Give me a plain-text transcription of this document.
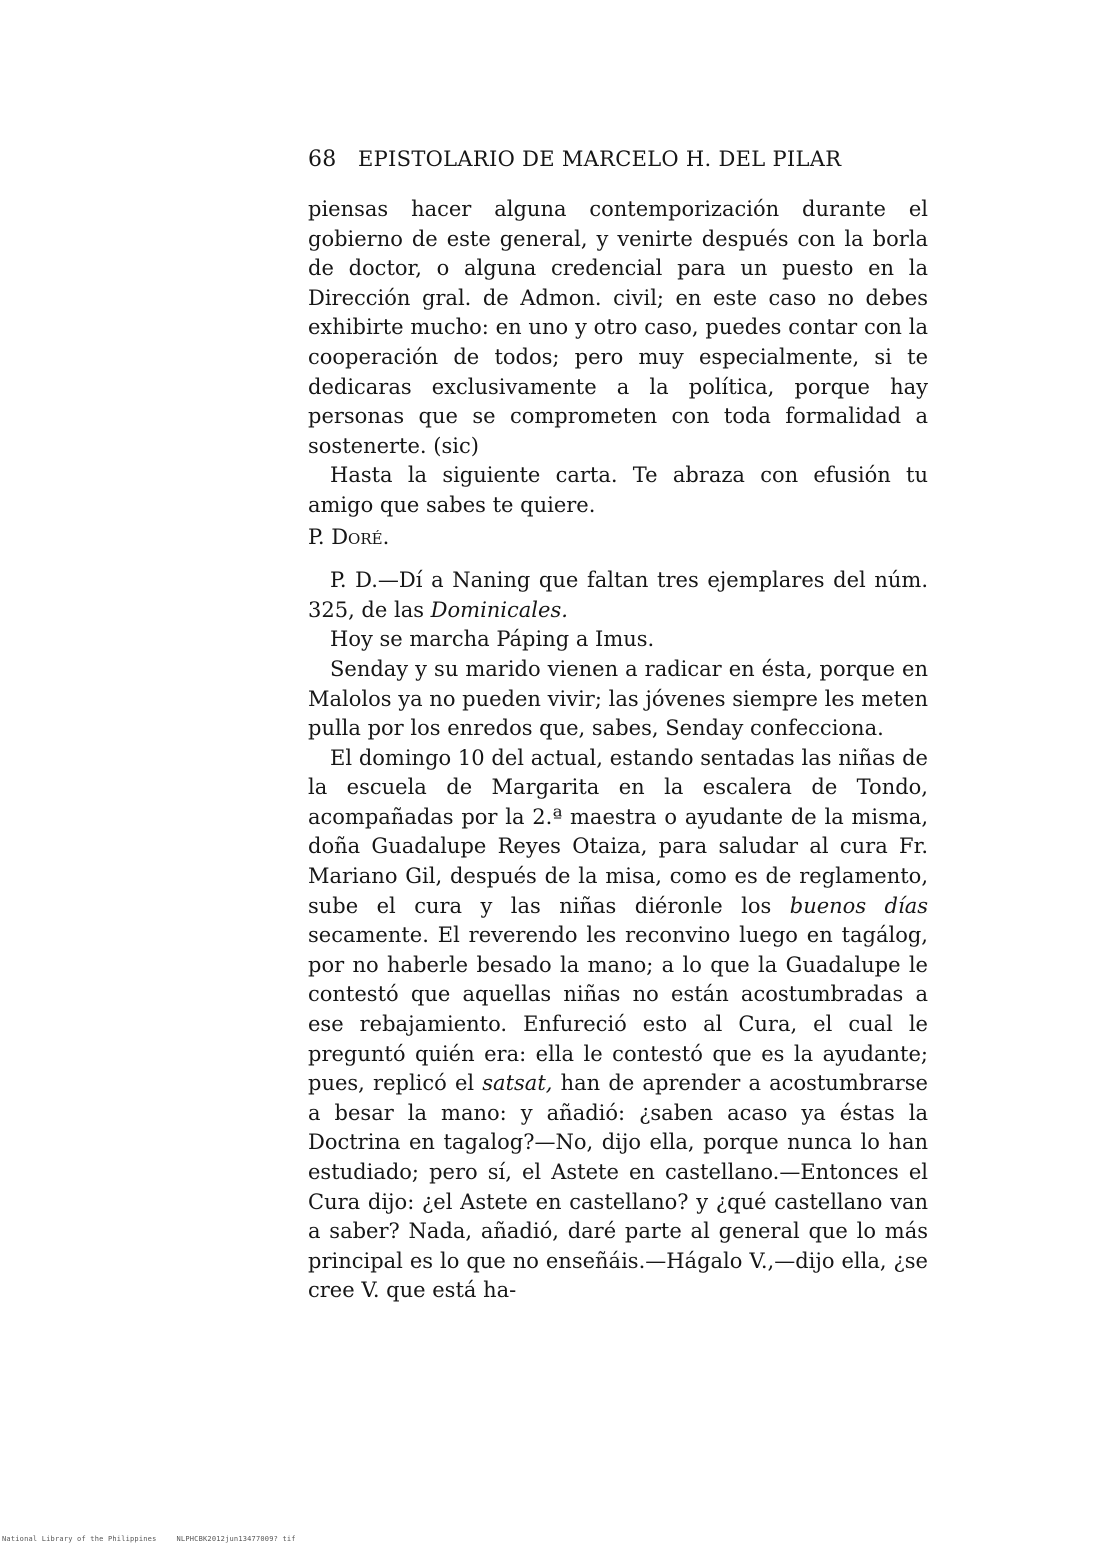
68 EPISTOLARIO DE MARCELO H. DEL PILAR

piensas hacer alguna contemporización durante el gobierno de este general, y venirte después con la borla de doctor, o alguna credencial para un puesto en la Dirección gral. de Admon. civil; en este caso no debes exhibirte mucho: en uno y otro caso, puedes contar con la cooperación de todos; pero muy especialmente, si te dedicaras exclusivamente a la política, porque hay personas que se comprometen con toda formalidad a sostenerte. (sic)

Hasta la siguiente carta. Te abraza con efusión tu amigo que sabes te quiere.

P. Doré.

P. D.—Dí a Naning que faltan tres ejemplares del núm. 325, de las Dominicales.

Hoy se marcha Páping a Imus.

Senday y su marido vienen a radicar en ésta, porque en Malolos ya no pueden vivir; las jóvenes siempre les meten pulla por los enredos que, sabes, Senday confecciona.

El domingo 10 del actual, estando sentadas las niñas de la escuela de Margarita en la escalera de Tondo, acompañadas por la 2.ª maestra o ayudante de la misma, doña Guadalupe Reyes Otaiza, para saludar al cura Fr. Mariano Gil, después de la misa, como es de reglamento, sube el cura y las niñas diéronle los buenos días secamente. El reverendo les reconvino luego en tagálog, por no haberle besado la mano; a lo que la Guadalupe le contestó que aquellas niñas no están acostumbradas a ese rebajamiento. Enfureció esto al Cura, el cual le preguntó quién era: ella le contestó que es la ayudante; pues, replicó el satsat, han de aprender a acostumbrarse a besar la mano: y añadió: ¿saben acaso ya éstas la Doctrina en tagalog?—No, dijo ella, porque nunca lo han estudiado; pero sí, el Astete en castellano.—Entonces el Cura dijo: ¿el Astete en castellano? y ¿qué castellano van a saber? Nada, añadió, daré parte al general que lo más principal es lo que no enseñáis.—Hágalo V.,—dijo ella, ¿se cree V. que está ha-

National Library of the Philippines	NLPHCBK2012jun13477009? tif
